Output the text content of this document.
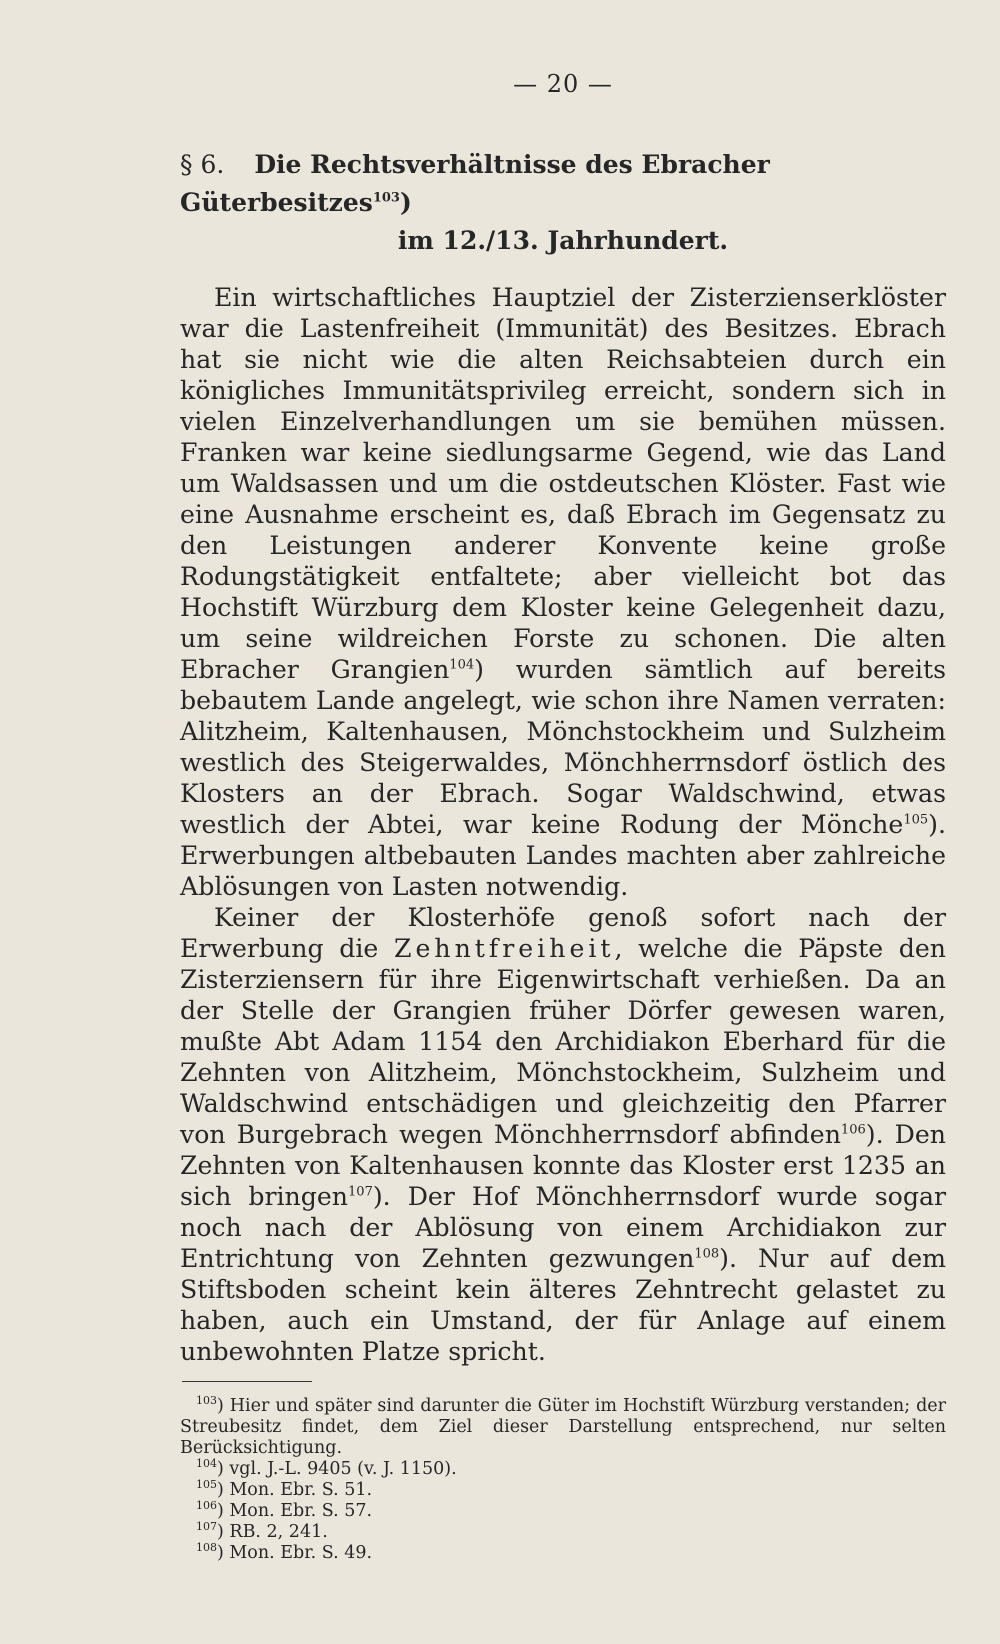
— 20 —
§ 6. Die Rechtsverhältnisse des Ebracher Güterbesitzes$^{103}$)
im 12./13. Jahrhundert.

Ein wirtschaftliches Hauptziel der Zisterzienserklöster war die Lastenfreiheit (Immunität) des Besitzes. Ebrach hat sie nicht wie die alten Reichsabteien durch ein königliches Immunitätsprivileg erreicht, sondern sich in vielen Einzelverhandlungen um sie bemühen müssen. Franken war keine siedlungsarme Gegend, wie das Land um Waldsassen und um die ostdeutschen Klöster. Fast wie eine Ausnahme erscheint es, daß Ebrach im Gegensatz zu den Leistungen anderer Konvente keine große Rodungstätigkeit entfaltete; aber vielleicht bot das Hochstift Würzburg dem Kloster keine Gelegenheit dazu, um seine wildreichen Forste zu schonen. Die alten Ebracher Grangien$^{104}$) wurden sämtlich auf bereits bebautem Lande angelegt, wie schon ihre Namen verraten: Alitzheim, Kaltenhausen, Mönchstockheim und Sulzheim westlich des Steigerwaldes, Mönchherrnsdorf östlich des Klosters an der Ebrach. Sogar Waldschwind, etwas westlich der Abtei, war keine Rodung der Mönche$^{105}$). Erwerbungen altbebauten Landes machten aber zahlreiche Ablösungen von Lasten notwendig.

Keiner der Klosterhöfe genoß sofort nach der Erwerbung die Zehntfreiheit, welche die Päpste den Zisterziensern für ihre Eigenwirtschaft verhießen. Da an der Stelle der Grangien früher Dörfer gewesen waren, mußte Abt Adam 1154 den Archidiakon Eberhard für die Zehnten von Alitzheim, Mönchstockheim, Sulzheim und Waldschwind entschädigen und gleichzeitig den Pfarrer von Burgebrach wegen Mönchherrnsdorf abfinden$^{106}$). Den Zehnten von Kaltenhausen konnte das Kloster erst 1235 an sich bringen$^{107}$). Der Hof Mönchherrnsdorf wurde sogar noch nach der Ablösung von einem Archidiakon zur Entrichtung von Zehnten gezwungen$^{108}$). Nur auf dem Stiftsboden scheint kein älteres Zehntrecht gelastet zu haben, auch ein Umstand, der für Anlage auf einem unbewohnten Platze spricht.

$^{103}$) Hier und später sind darunter die Güter im Hochstift Würzburg verstanden; der Streubesitz findet, dem Ziel dieser Darstellung entsprechend, nur selten Berücksichtigung.

$^{104}$) vgl. J.-L. 9405 (v. J. 1150).

$^{105}$) Mon. Ebr. S. 51.

$^{106}$) Mon. Ebr. S. 57.

$^{107}$) RB. 2, 241.

$^{108}$) Mon. Ebr. S. 49.
